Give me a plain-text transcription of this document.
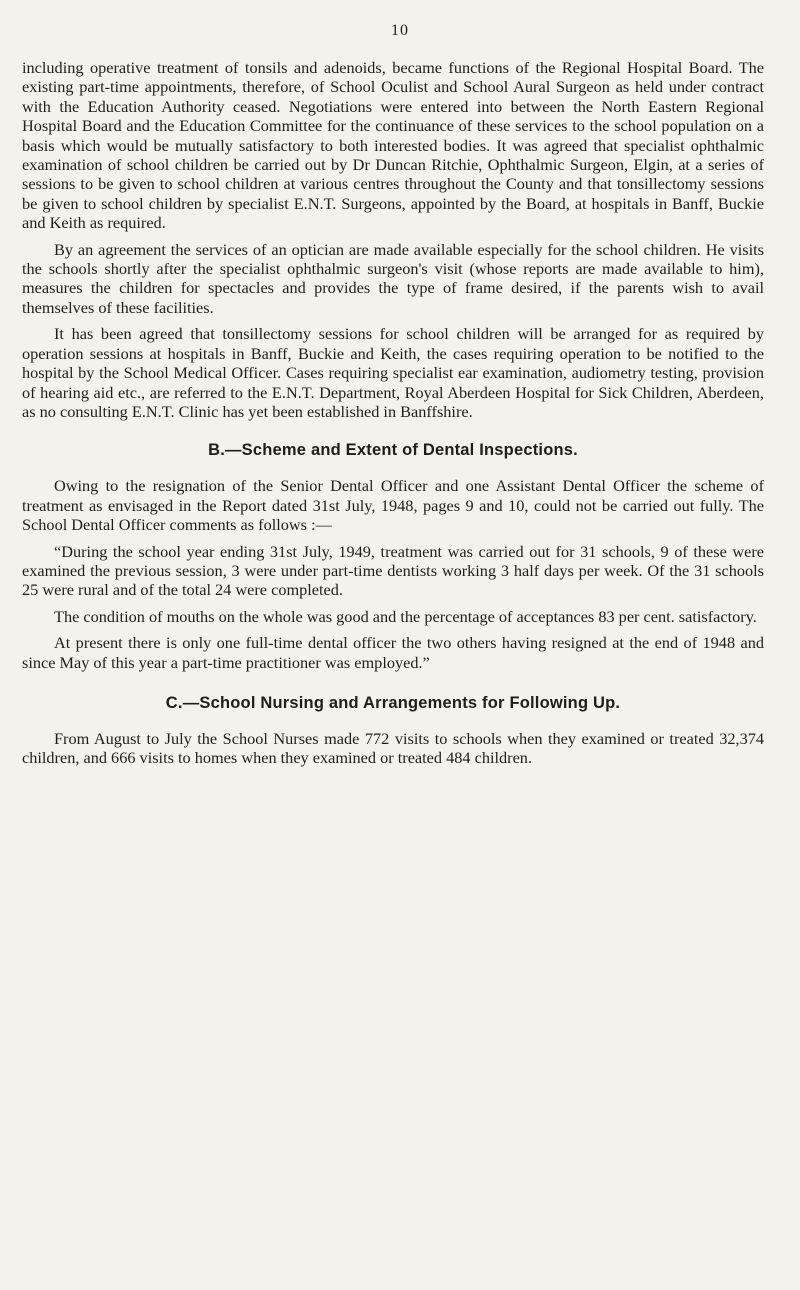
10

including operative treatment of tonsils and adenoids, became functions of the Regional Hospital Board. The existing part-time appointments, therefore, of School Oculist and School Aural Surgeon as held under contract with the Education Authority ceased. Negotiations were entered into between the North Eastern Regional Hospital Board and the Education Committee for the continuance of these services to the school population on a basis which would be mutually satisfactory to both interested bodies. It was agreed that specialist ophthalmic examination of school children be carried out by Dr Duncan Ritchie, Ophthalmic Surgeon, Elgin, at a series of sessions to be given to school children at various centres throughout the County and that tonsillectomy sessions be given to school children by specialist E.N.T. Surgeons, appointed by the Board, at hospitals in Banff, Buckie and Keith as required.

By an agreement the services of an optician are made available especially for the school children. He visits the schools shortly after the specialist ophthalmic surgeon's visit (whose reports are made available to him), measures the children for spectacles and provides the type of frame desired, if the parents wish to avail themselves of these facilities.

It has been agreed that tonsillectomy sessions for school children will be arranged for as required by operation sessions at hospitals in Banff, Buckie and Keith, the cases requiring operation to be notified to the hospital by the School Medical Officer. Cases requiring specialist ear examination, audiometry testing, provision of hearing aid etc., are referred to the E.N.T. Department, Royal Aberdeen Hospital for Sick Children, Aberdeen, as no consulting E.N.T. Clinic has yet been established in Banffshire.

B.—Scheme and Extent of Dental Inspections.

Owing to the resignation of the Senior Dental Officer and one Assistant Dental Officer the scheme of treatment as envisaged in the Report dated 31st July, 1948, pages 9 and 10, could not be carried out fully. The School Dental Officer comments as follows :—

“During the school year ending 31st July, 1949, treatment was carried out for 31 schools, 9 of these were examined the previous session, 3 were under part-time dentists working 3 half days per week. Of the 31 schools 25 were rural and of the total 24 were completed.

The condition of mouths on the whole was good and the percentage of acceptances 83 per cent. satisfactory.

At present there is only one full-time dental officer the two others having resigned at the end of 1948 and since May of this year a part-time practitioner was employed.”

C.—School Nursing and Arrangements for Following Up.

From August to July the School Nurses made 772 visits to schools when they examined or treated 32,374 children, and 666 visits to homes when they examined or treated 484 children.
